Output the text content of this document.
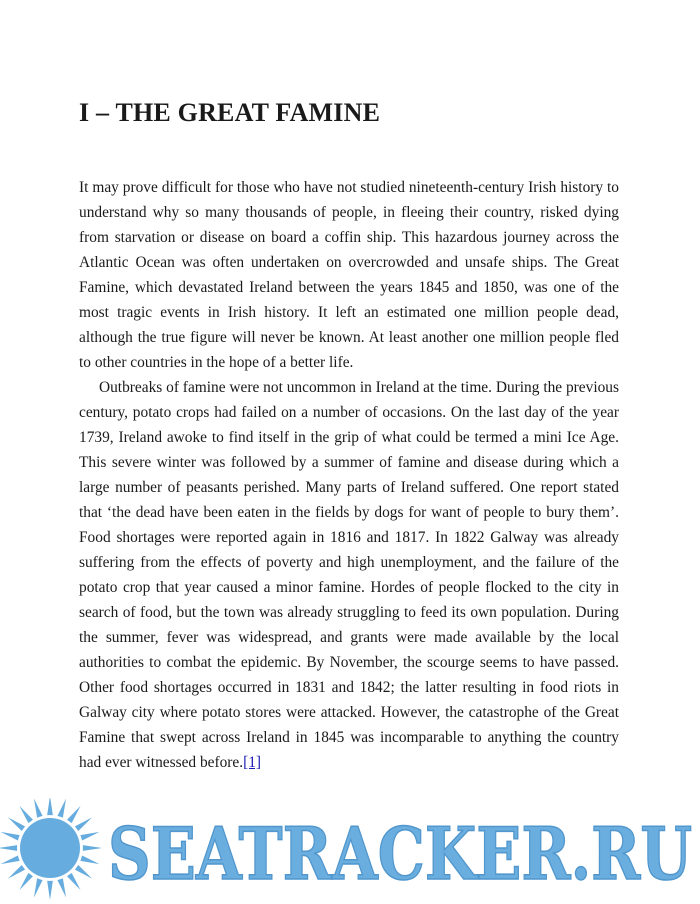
I – THE GREAT FAMINE

It may prove difficult for those who have not studied nineteenth-century Irish history to understand why so many thousands of people, in fleeing their country, risked dying from starvation or disease on board a coffin ship. This hazardous journey across the Atlantic Ocean was often undertaken on overcrowded and unsafe ships. The Great Famine, which devastated Ireland between the years 1845 and 1850, was one of the most tragic events in Irish history. It left an estimated one million people dead, although the true figure will never be known. At least another one million people fled to other countries in the hope of a better life.

Outbreaks of famine were not uncommon in Ireland at the time. During the previous century, potato crops had failed on a number of occasions. On the last day of the year 1739, Ireland awoke to find itself in the grip of what could be termed a mini Ice Age. This severe winter was followed by a summer of famine and disease during which a large number of peasants perished. Many parts of Ireland suffered. One report stated that ‘the dead have been eaten in the fields by dogs for want of people to bury them’. Food shortages were reported again in 1816 and 1817. In 1822 Galway was already suffering from the effects of poverty and high unemployment, and the failure of the potato crop that year caused a minor famine. Hordes of people flocked to the city in search of food, but the town was already struggling to feed its own population. During the summer, fever was widespread, and grants were made available by the local authorities to combat the epidemic. By November, the scourge seems to have passed. Other food shortages occurred in 1831 and 1842; the latter resulting in food riots in Galway city where potato stores were attacked. However, the catastrophe of the Great Famine that swept across Ireland in 1845 was incomparable to anything the country had ever witnessed before.[1]

SEATRACKER.RU
